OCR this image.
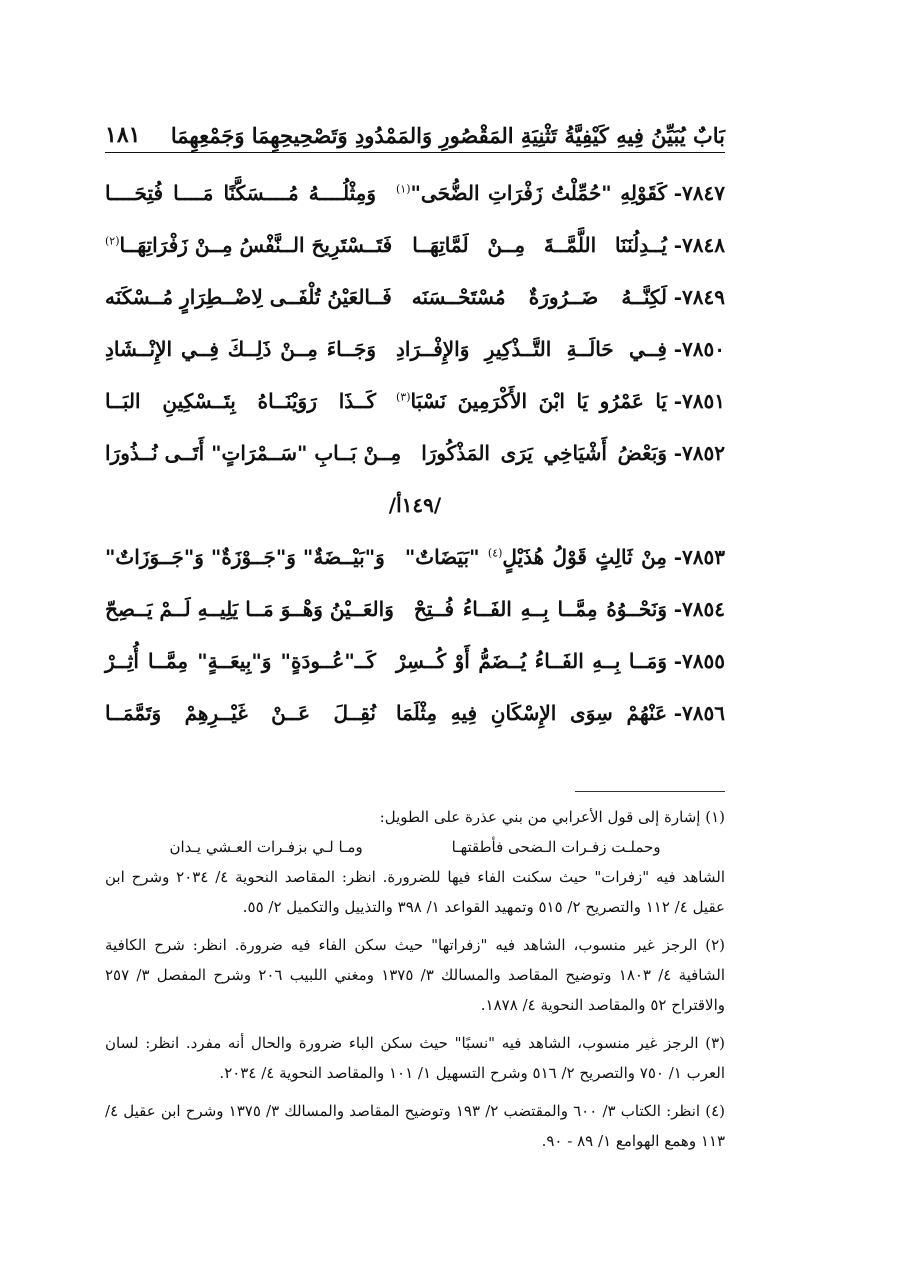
بَابٌ يُبَيِّنُ فِيهِ كَيْفِيَّةُ تَثْنِيَةِ المَقْصُورِ وَالمَمْدُودِ وَتَصْحِيحِهِمَا وَجَمْعِهِمَا
١٨١
٧٨٤٧-
كَقَوْلِهِ "حُمِّلْتُ زَفْرَاتِ الضُّحَى"$^{(١)}$
وَمِثْلُــــهُ مُــــسَكَّنًا مَــــا فُتِحَــــا
٧٨٤٨-
يُــدِلُنَنَا اللَّمَّــةَ مِــنْ لَمَّاتِهَــا
فَتَــسْتَرِيحَ الــنَّفْسُ مِــنْ زَفْرَاتِهَــا$^{(٢)}$
٧٨٤٩-
لَكِنَّــهُ ضَــرُورَةٌ مُسْتَحْــسَنَه
فَــالعَيْنُ تُلْفَــى لِاضْــطِرَارٍ مُــسْكَنَه
٧٨٥٠-
فِــي حَالَــةِ التَّــذْكِيرِ وَالإِفْــرَادِ
وَجَــاءَ مِــنْ ذَلِــكَ فِــي الإِنْــشَادِ
٧٨٥١-
يَا عَمْرُو يَا ابْنَ الأَكْرَمِينَ نَسْبَا$^{(٣)}$
كَــذَا رَوَيْنَــاهُ بِتَــسْكِينِ البَــا
٧٨٥٢-
وَبَعْضُ أَشْيَاخِي يَرَى المَذْكُورَا
مِــنْ بَــابِ "سَــمْرَاتٍ" أَتَــى نُــذُورَا
/١٤٩أ/
٧٨٥٣-
مِنْ ثَالِثٍ قَوْلُ هُذَيْلٍ$^{(٤)}$ "بَيَضَاتٌ"
وَ"بَيْــضَةٌ" وَ"جَــوْزَةٌ" وَ"جَــوَزَاتٌ"
٧٨٥٤-
وَنَحْــوُهُ مِمَّــا بِــهِ الفَــاءُ فُــتِحْ
وَالعَــيْنُ وَهْــوَ مَــا يَلِيــهِ لَــمْ يَــصِحّ
٧٨٥٥-
وَمَــا بِــهِ الفَــاءُ يُــضَمُّ أَوْ كُــسِرْ
كَــ"عُــودَةٍ" وَ"بِيعَــةٍ" مِمَّــا أُثِــرْ
٧٨٥٦-
عَنْهُمْ سِوَى الإِسْكَانِ فِيهِ مِثْلَمَا
نُقِــلَ عَــنْ غَيْــرِهِمْ وَتَمَّمَــا
(١) إشارة إلى قول الأعرابي من بني عذرة على الطويل:
وحملـت زفـرات الـضحى فأطقتهـا
ومـا لـي بزفـرات العـشي يـدان
الشاهد فيه "زفرات" حيث سكنت الفاء فيها للضرورة. انظر: المقاصد النحوية ٤/ ٢٠٣٤ وشرح ابن عقيل ٤/ ١١٢ والتصريح ٢/ ٥١٥ وتمهيد القواعد ١/ ٣٩٨ والتذييل والتكميل ٢/ ٥٥.
(٢) الرجز غير منسوب، الشاهد فيه "زفراتها" حيث سكن الفاء فيه ضرورة. انظر: شرح الكافية الشافية ٤/ ١٨٠٣ وتوضيح المقاصد والمسالك ٣/ ١٣٧٥ ومغني اللبيب ٢٠٦ وشرح المفصل ٣/ ٢٥٧ والاقتراح ٥٢ والمقاصد النحوية ٤/ ١٨٧٨.
(٣) الرجز غير منسوب، الشاهد فيه "نسبًا" حيث سكن الباء ضرورة والحال أنه مفرد. انظر: لسان العرب ١/ ٧٥٠ والتصريح ٢/ ٥١٦ وشرح التسهيل ١/ ١٠١ والمقاصد النحوية ٤/ ٢٠٣٤.
(٤) انظر: الكتاب ٣/ ٦٠٠ والمقتضب ٢/ ١٩٣ وتوضيح المقاصد والمسالك ٣/ ١٣٧٥ وشرح ابن عقيل ٤/ ١١٣ وهمع الهوامع ١/ ٨٩ - ٩٠.
